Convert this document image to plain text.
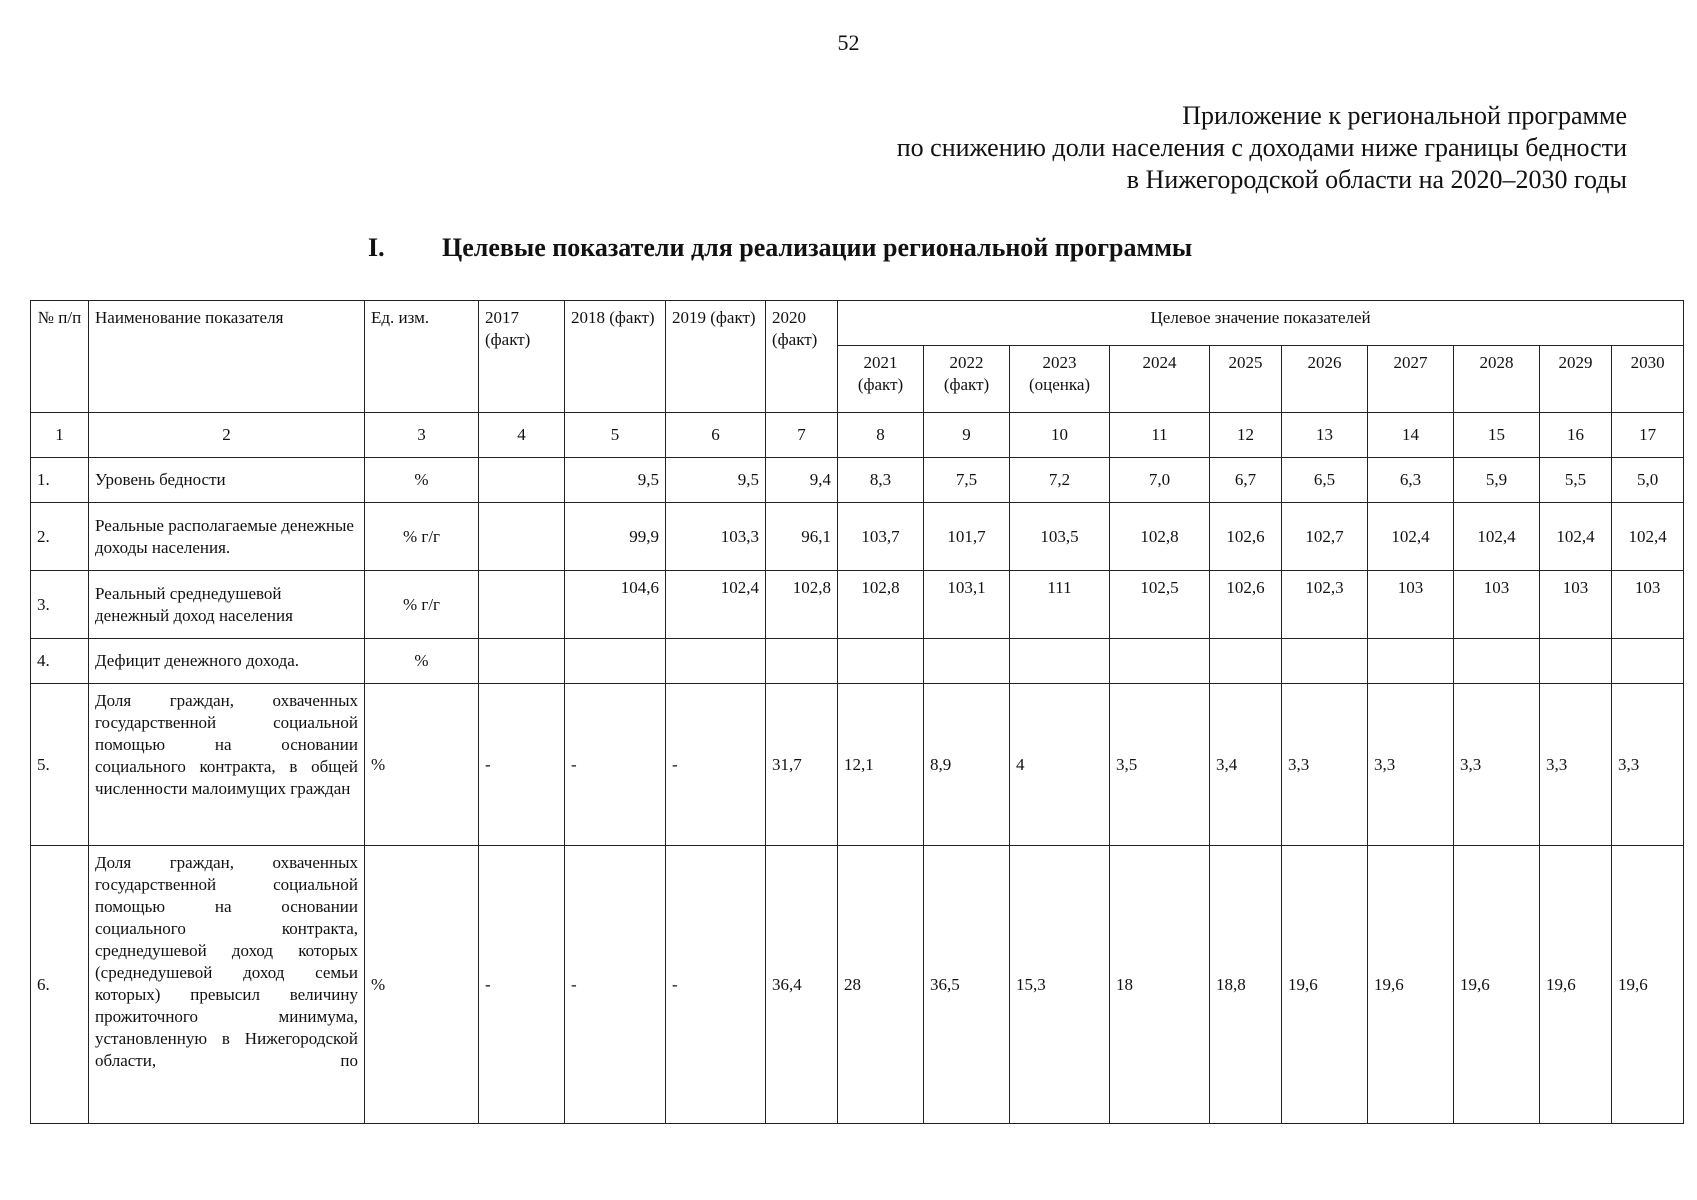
52
Приложение к региональной программе
по снижению доли населения с доходами ниже границы бедности
в Нижегородской области на 2020–2030 годы
I. Целевые показатели для реализации региональной программы
№ п/п	Наименование показателя	Ед. изм.	2017 (факт)	2018 (факт)	2019 (факт)	2020 (факт)	Целевое значение показателей									
							2021 (факт)	2022 (факт)	2023 (оценка)	2024	2025	2026	2027	2028	2029	2030
1	2	3	4	5	6	7	8	9	10	11	12	13	14	15	16	17
1.	Уровень бедности	%		9,5	9,5	9,4	8,3	7,5	7,2	7,0	6,7	6,5	6,3	5,9	5,5	5,0
2.	Реальные располагаемые денежные доходы населения.	% г/г		99,9	103,3	96,1	103,7	101,7	103,5	102,8	102,6	102,7	102,4	102,4	102,4	102,4
3.	Реальный среднедушевой денежный доход населения	% г/г		104,6	102,4	102,8	102,8	103,1	111	102,5	102,6	102,3	103	103	103	103
4.	Дефицит денежного дохода.	%														
5.	Доля граждан, охваченных государственной социальной помощью на основании социального контракта, в общей численности малоимущих граждан	%	-	-	-	31,7	12,1	8,9	4	3,5	3,4	3,3	3,3	3,3	3,3	3,3
6.	Доля граждан, охваченных государственной социальной помощью на основании социального контракта, среднедушевой доход которых (среднедушевой доход семьи которых) превысил величину прожиточного минимума, установленную в Нижегородской области, по	%	-	-	-	36,4	28	36,5	15,3	18	18,8	19,6	19,6	19,6	19,6	19,6
